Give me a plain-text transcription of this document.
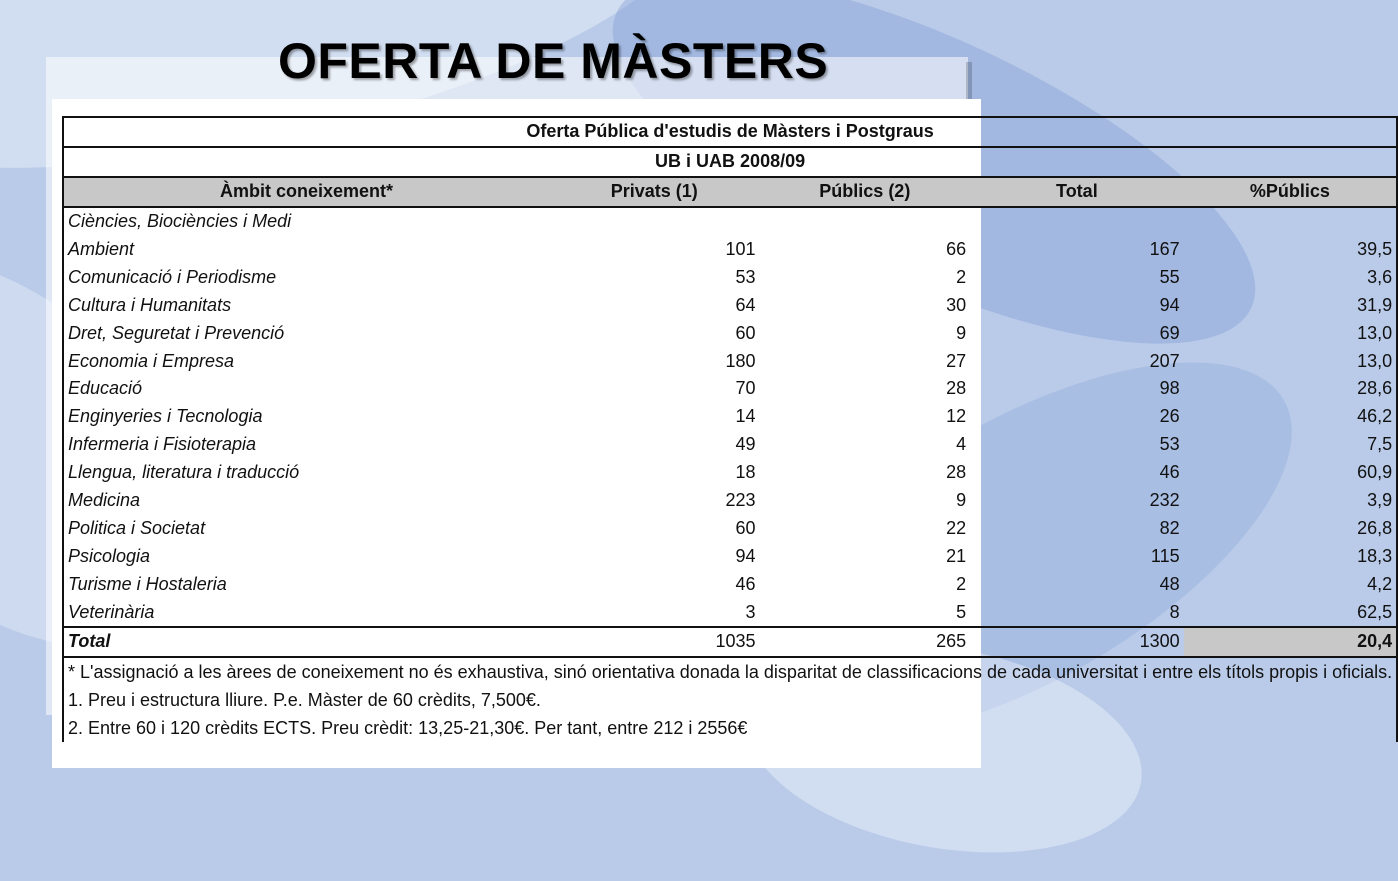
OFERTA DE MÀSTERS
Oferta Pública d'estudis de Màsters i Postgraus				
UB i UAB 2008/09				
Àmbit coneixement*	Privats (1)	Públics (2)	Total	%Públics
Ciències, Biociències i Medi				
Ambient	101	66	167	39,5
Comunicació i Periodisme	53	2	55	3,6
Cultura i Humanitats	64	30	94	31,9
Dret, Seguretat i Prevenció	60	9	69	13,0
Economia i Empresa	180	27	207	13,0
Educació	70	28	98	28,6
Enginyeries i Tecnologia	14	12	26	46,2
Infermeria i Fisioterapia	49	4	53	7,5
Llengua, literatura i traducció	18	28	46	60,9
Medicina	223	9	232	3,9
Politica i Societat	60	22	82	26,8
Psicologia	94	21	115	18,3
Turisme i Hostaleria	46	2	48	4,2
Veterinària	3	5	8	62,5
Total	1035	265	1300	20,4

* L'assignació a les àrees de coneixement no és exhaustiva, sinó orientativa donada la disparitat de classificacions de cada universitat i entre els títols propis i oficials.
1. Preu i estructura lliure. P.e. Màster de 60 crèdits, 7,500€.
2. Entre 60 i 120 crèdits ECTS. Preu crèdit: 13,25-21,30€. Per tant, entre 212 i 2556€				
